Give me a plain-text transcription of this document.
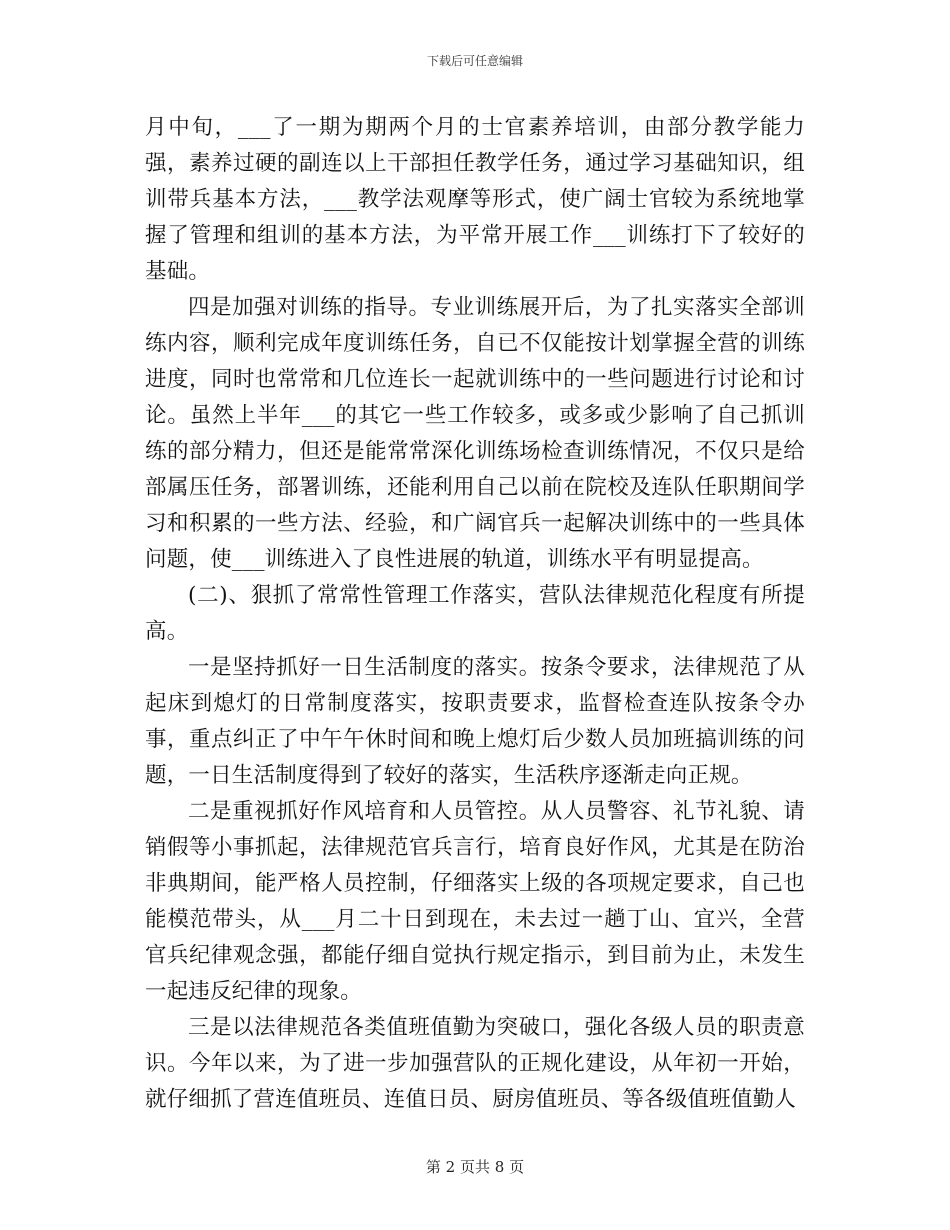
下载后可任意编辑

月中旬，___了一期为期两个月的士官素养培训，由部分教学能力强，素养过硬的副连以上干部担任教学任务，通过学习基础知识，组训带兵基本方法，___教学法观摩等形式，使广阔士官较为系统地掌握了管理和组训的基本方法，为平常开展工作___训练打下了较好的基础。

四是加强对训练的指导。专业训练展开后，为了扎实落实全部训练内容，顺利完成年度训练任务，自已不仅能按计划掌握全营的训练进度，同时也常常和几位连长一起就训练中的一些问题进行讨论和讨论。虽然上半年___的其它一些工作较多，或多或少影响了自己抓训练的部分精力，但还是能常常深化训练场检查训练情况，不仅只是给部属压任务，部署训练，还能利用自己以前在院校及连队任职期间学习和积累的一些方法、经验，和广阔官兵一起解决训练中的一些具体问题，使___训练进入了良性进展的轨道，训练水平有明显提高。

(二)、狠抓了常常性管理工作落实，营队法律规范化程度有所提高。

一是坚持抓好一日生活制度的落实。按条令要求，法律规范了从起床到熄灯的日常制度落实，按职责要求，监督检查连队按条令办事，重点纠正了中午午休时间和晚上熄灯后少数人员加班搞训练的问题，一日生活制度得到了较好的落实，生活秩序逐渐走向正规。

二是重视抓好作风培育和人员管控。从人员警容、礼节礼貌、请销假等小事抓起，法律规范官兵言行，培育良好作风，尤其是在防治非典期间，能严格人员控制，仔细落实上级的各项规定要求，自己也能模范带头，从___月二十日到现在，未去过一趟丁山、宜兴，全营官兵纪律观念强，都能仔细自觉执行规定指示，到目前为止，未发生一起违反纪律的现象。

三是以法律规范各类值班值勤为突破口，强化各级人员的职责意识。今年以来，为了进一步加强营队的正规化建设，从年初一开始，就仔细抓了营连值班员、连值日员、厨房值班员、等各级值班值勤人

第 2 页共 8 页
